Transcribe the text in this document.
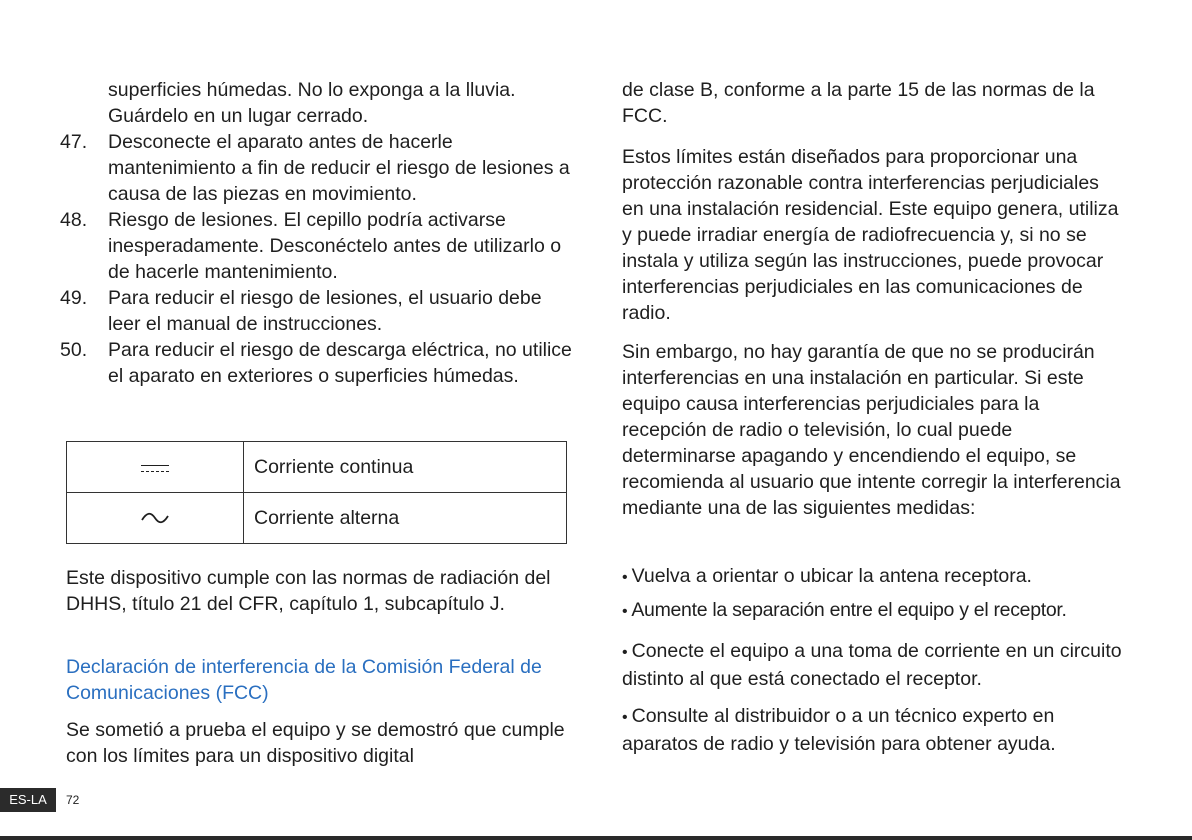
superficies húmedas. No lo exponga a la lluvia. Guárdelo en un lugar cerrado.

47. Desconecte el aparato antes de hacerle mantenimiento a fin de reducir el riesgo de lesiones a causa de las piezas en movimiento.
48. Riesgo de lesiones. El cepillo podría activarse inesperadamente. Desconéctelo antes de utilizarlo o de hacerle mantenimiento.
49. Para reducir el riesgo de lesiones, el usuario debe leer el manual de instrucciones.
50. Para reducir el riesgo de descarga eléctrica, no utilice el aparato en exteriores o superficies húmedas.
	Corriente continua
	Corriente alterna

Este dispositivo cumple con las normas de radiación del DHHS, título 21 del CFR, capítulo 1, subcapítulo J.

Declaración de interferencia de la Comisión Federal de Comunicaciones (FCC)

Se sometió a prueba el equipo y se demostró que cumple con los límites para un dispositivo digital

de clase B, conforme a la parte 15 de las normas de la FCC.

Estos límites están diseñados para proporcionar una protección razonable contra interferencias perjudiciales en una instalación residencial. Este equipo genera, utiliza y puede irradiar energía de radiofrecuencia y, si no se instala y utiliza según las instrucciones, puede provocar interferencias perjudiciales en las comunicaciones de radio.

Sin embargo, no hay garantía de que no se producirán interferencias en una instalación en particular. Si este equipo causa interferencias perjudiciales para la recepción de radio o televisión, lo cual puede determinarse apagando y encendiendo el equipo, se recomienda al usuario que intente corregir la interferencia mediante una de las siguientes medidas:

• Vuelva a orientar o ubicar la antena receptora.

• Aumente la separación entre el equipo y el receptor.

• Conecte el equipo a una toma de corriente en un circuito distinto al que está conectado el receptor.

• Consulte al distribuidor o a un técnico experto en aparatos de radio y televisión para obtener ayuda.

ES-LA	72
